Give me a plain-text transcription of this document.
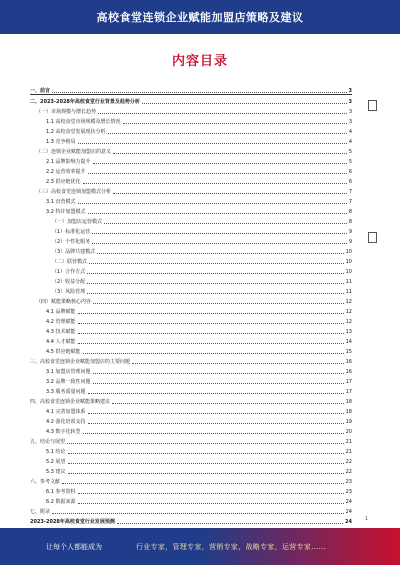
高校食堂连锁企业赋能加盟店策略及建议
内容目录
一、前言	3
二、2023-2028年高校食堂行业背景及趋势分析	3
（一）市场规模与增长趋势	3
1.1 高校食堂市场规模及增长情况	3
1.2 高校食堂发展现状分析	4
1.3 竞争格局	4
（二）连锁企业赋能加盟店的意义	5
2.1 品牌影响力提升	5
2.2 运营效率提升	6
2.3 供应链优化	6
（三）高校食堂连锁加盟模式分析	7
3.1 直营模式	7
3.2 特许加盟模式	8
（一）加盟店运营模式	8
（1）标准化运营	9
（2）个性化服务	9
（3）品牌共建模式	10
（二）联营模式	10
（1）合作方式	10
（2）收益分配	11
（3）风险管理	11
（四）赋能策略核心内容	12
4.1 品牌赋能	12
4.2 管理赋能	12
4.3 技术赋能	13
4.4 人才赋能	14
4.5 供应链赋能	15
三、高校食堂连锁企业赋能加盟店的主要问题	16
3.1 加盟店管理问题	16
3.2 品牌一致性问题	17
3.3 服务质量问题	17
四、高校食堂连锁企业赋能策略建议	18
4.1 完善加盟体系	18
4.2 强化培训支持	19
4.3 数字化转型	20
五、结论与展望	21
5.1 结论	21
5.2 展望	22
5.3 建议	22
六、参考文献	23
6.1 参考资料	23
6.2 数据来源	24
七、附录	24
2023-2028年高校食堂行业发展预测	24	1
让每个人都能成为	行业专家，管理专家，营销专家，战略专家，运营专家……
